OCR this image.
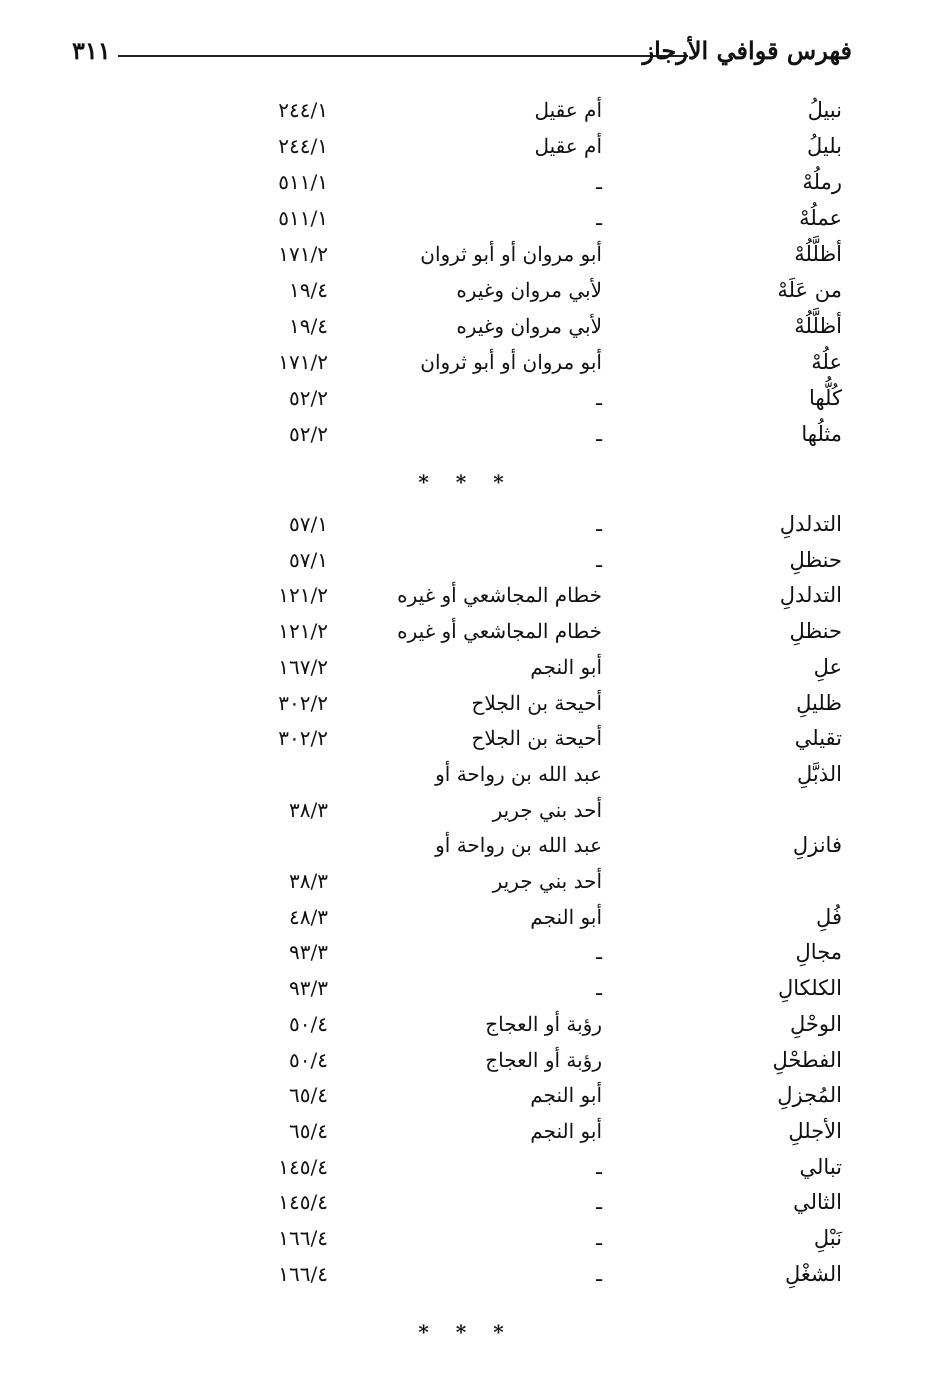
٣١١	فهرس قوافي الأرجاز
نبيلُ
أم عقيل
٢٤٤/١
بليلُ
أم عقيل
٢٤٤/١
رملُهْ
ـ
٥١١/١
عملُهْ
ـ
٥١١/١
أظلَّلُهْ
أبو مروان أو أبو ثروان
١٧١/٢
من عَلَهْ
لأبي مروان وغيره
١٩/٤
أظلَّلُهْ
لأبي مروان وغيره
١٩/٤
علُهْ
أبو مروان أو أبو ثروان
١٧١/٢
كُلُّها
ـ
٥٢/٢
مثلُها
ـ
٥٢/٢
* * *
التدلدلِ
ـ
٥٧/١
حنظلِ
ـ
٥٧/١
التدلدلِ
خطام المجاشعي أو غيره
١٢١/٢
حنظلِ
خطام المجاشعي أو غيره
١٢١/٢
علِ
أبو النجم
١٦٧/٢
ظليلِ
أحيحة بن الجلاح
٣٠٢/٢
تقيلي
أحيحة بن الجلاح
٣٠٢/٢
الذبَّلِ
عبد الله بن رواحة أو
أحد بني جرير
٣٨/٣
فانزلِ
عبد الله بن رواحة أو
أحد بني جرير
٣٨/٣
فُلِ
أبو النجم
٤٨/٣
مجالِ
ـ
٩٣/٣
الكلكالِ
ـ
٩٣/٣
الوحْلِ
رؤبة أو العجاج
٥٠/٤
الفطحْلِ
رؤبة أو العجاج
٥٠/٤
المُجزلِ
أبو النجم
٦٥/٤
الأجللِ
أبو النجم
٦٥/٤
تبالي
ـ
١٤٥/٤
الثالي
ـ
١٤٥/٤
نَبْلِ
ـ
١٦٦/٤
الشغْلِ
ـ
١٦٦/٤
* * *
